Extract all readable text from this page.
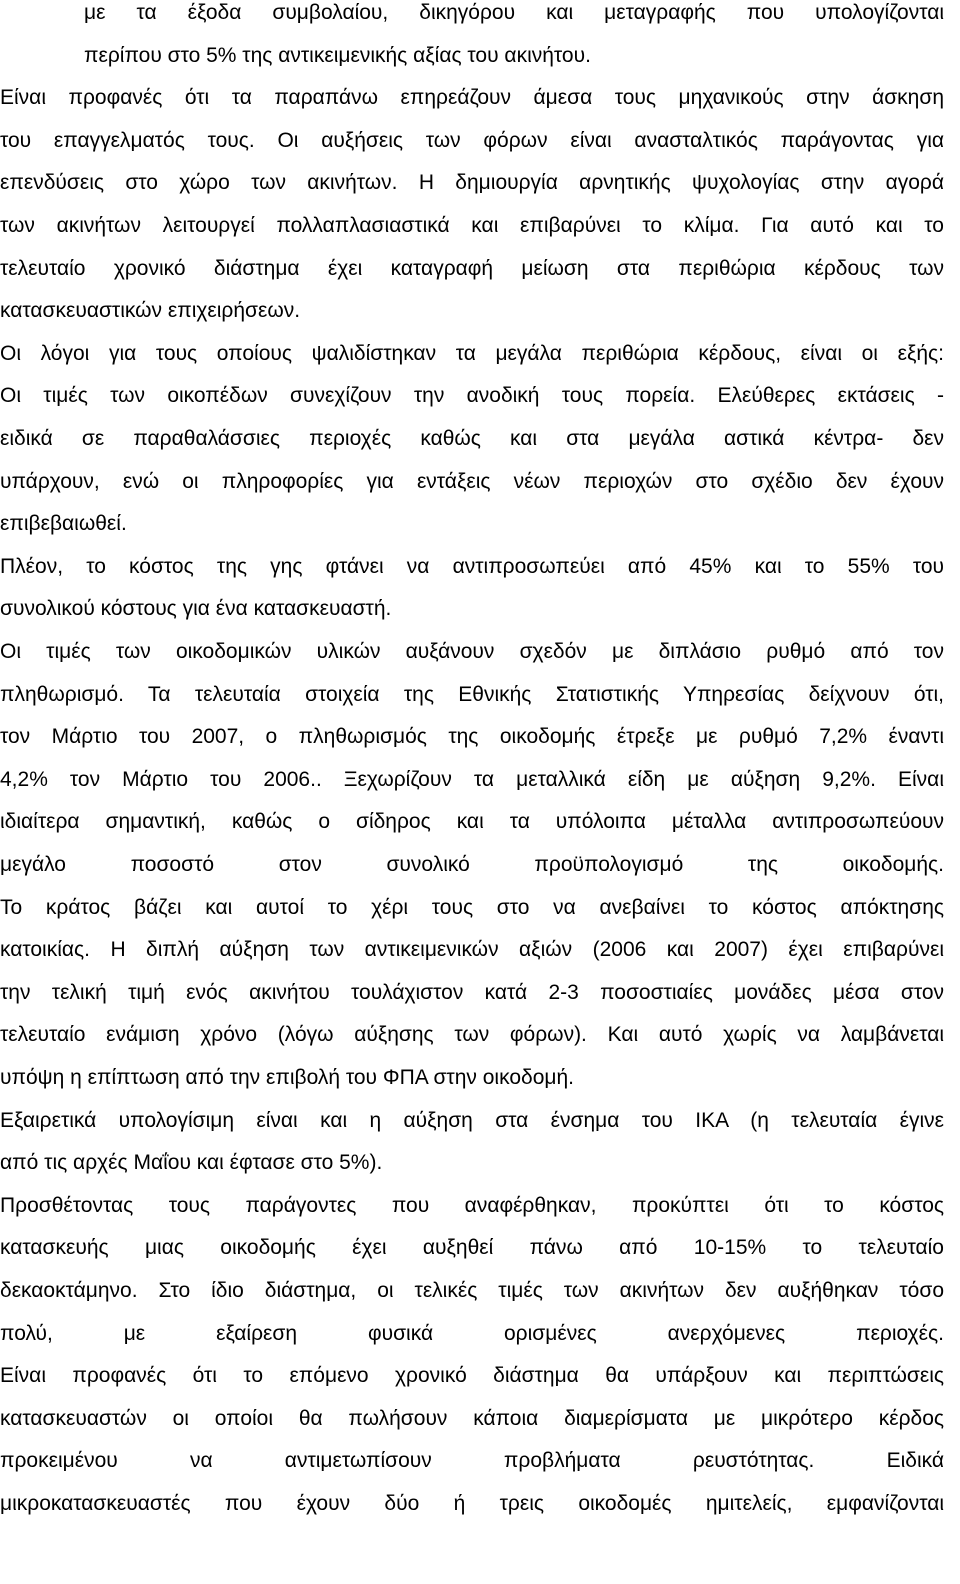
με τα έξοδα συμβολαίου, δικηγόρου και μεταγραφής που υπολογίζονται
περίπου στο 5% της αντικειμενικής αξίας του ακινήτου.
Είναι προφανές ότι τα παραπάνω επηρεάζουν άμεσα τους μηχανικούς στην άσκηση
του επαγγελματός τους. Οι αυξήσεις των φόρων είναι ανασταλτικός παράγοντας για
επενδύσεις στο χώρο των ακινήτων. Η δημιουργία αρνητικής ψυχολογίας στην αγορά
των ακινήτων λειτουργεί πολλαπλασιαστικά και επιβαρύνει το κλίμα. Για αυτό και το
τελευταίο χρονικό διάστημα έχει καταγραφή μείωση στα περιθώρια κέρδους των
κατασκευαστικών επιχειρήσεων.
Οι λόγοι για τους οποίους ψαλιδίστηκαν τα μεγάλα περιθώρια κέρδους, είναι οι εξής:
Οι τιμές των οικοπέδων συνεχίζουν την ανοδική τους πορεία. Ελεύθερες εκτάσεις -
ειδικά σε παραθαλάσσιες περιοχές καθώς και στα μεγάλα αστικά κέντρα- δεν
υπάρχουν, ενώ οι πληροφορίες για εντάξεις νέων περιοχών στο σχέδιο δεν έχουν
επιβεβαιωθεί.
Πλέον, το κόστος της γης φτάνει να αντιπροσωπεύει από 45% και το 55% του
συνολικού κόστους για ένα κατασκευαστή.
Οι τιμές των οικοδομικών υλικών αυξάνουν σχεδόν με διπλάσιο ρυθμό από τον
πληθωρισμό. Τα τελευταία στοιχεία της Εθνικής Στατιστικής Υπηρεσίας δείχνουν ότι,
τον Μάρτιο του 2007, ο πληθωρισμός της οικοδομής έτρεξε με ρυθμό 7,2% έναντι
4,2% τον Μάρτιο του 2006.. Ξεχωρίζουν τα μεταλλικά είδη με αύξηση 9,2%. Είναι
ιδιαίτερα σημαντική, καθώς ο σίδηρος και τα υπόλοιπα μέταλλα αντιπροσωπεύουν
μεγάλο ποσοστό στον συνολικό προϋπολογισμό της οικοδομής.
Το κράτος βάζει και αυτοί το χέρι τους στο να ανεβαίνει το κόστος απόκτησης
κατοικίας. Η διπλή αύξηση των αντικειμενικών αξιών (2006 και 2007) έχει επιβαρύνει
την τελική τιμή ενός ακινήτου τουλάχιστον κατά 2-3 ποσοστιαίες μονάδες μέσα στον
τελευταίο ενάμιση χρόνο (λόγω αύξησης των φόρων). Και αυτό χωρίς να λαμβάνεται
υπόψη η επίπτωση από την επιβολή του ΦΠΑ στην οικοδομή.
Εξαιρετικά υπολογίσιμη είναι και η αύξηση στα ένσημα του ΙΚΑ (η τελευταία έγινε
από τις αρχές Μαΐου και έφτασε στο 5%).
Προσθέτοντας τους παράγοντες που αναφέρθηκαν, προκύπτει ότι το κόστος
κατασκευής μιας οικοδομής έχει αυξηθεί πάνω από 10-15% το τελευταίο
δεκαοκτάμηνο. Στο ίδιο διάστημα, οι τελικές τιμές των ακινήτων δεν αυξήθηκαν τόσο
πολύ, με εξαίρεση φυσικά ορισμένες ανερχόμενες περιοχές.
Είναι προφανές ότι το επόμενο χρονικό διάστημα θα υπάρξουν και περιπτώσεις
κατασκευαστών οι οποίοι θα πωλήσουν κάποια διαμερίσματα με μικρότερο κέρδος
προκειμένου να αντιμετωπίσουν προβλήματα ρευστότητας. Ειδικά
μικροκατασκευαστές που έχουν δύο ή τρεις οικοδομές ημιτελείς, εμφανίζονται
